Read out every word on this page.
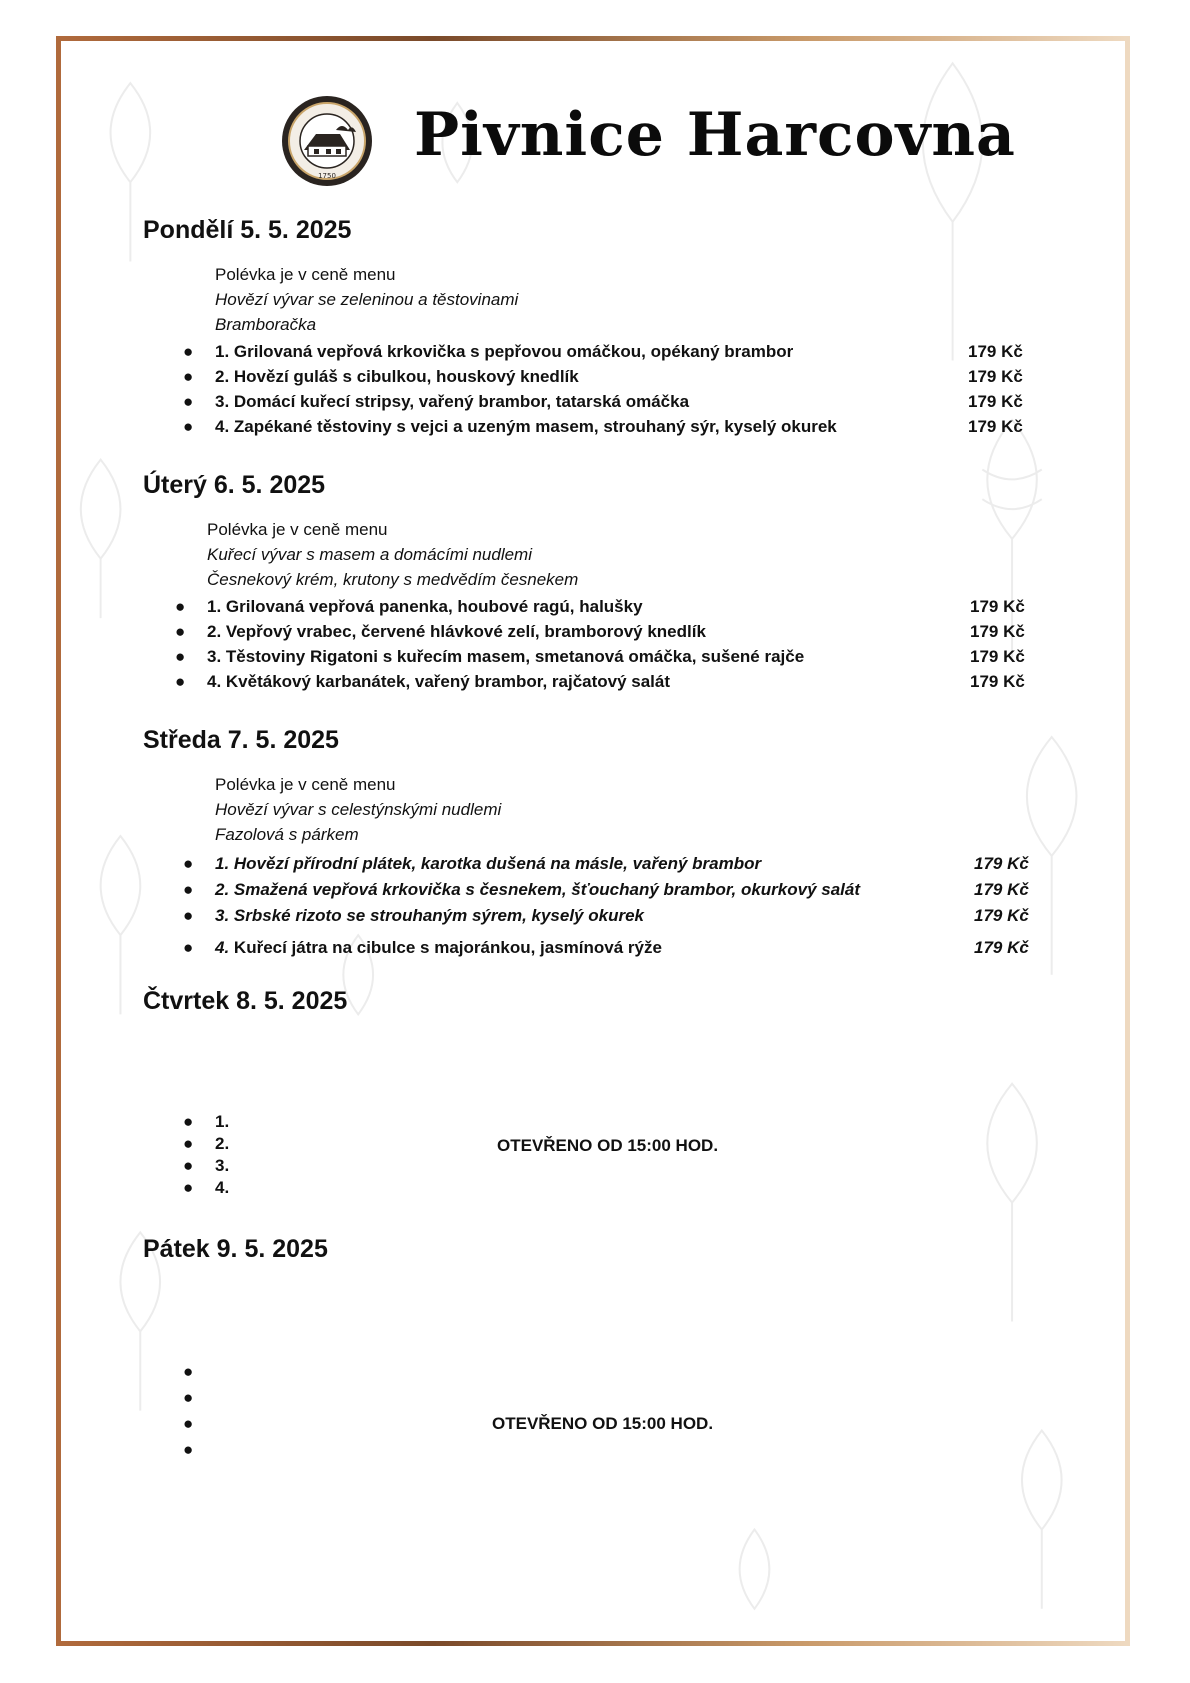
1750
Pivnice Harcovna
Pondělí 5. 5. 2025
Polévka je v ceně menu
Hovězí vývar se zeleninou a těstovinami
Bramboračka
● 1. Grilovaná vepřová krkovička s pepřovou omáčkou, opékaný brambor	179 Kč
● 2. Hovězí guláš s cibulkou, houskový knedlík	179 Kč
● 3. Domácí kuřecí stripsy, vařený brambor, tatarská omáčka	179 Kč
● 4. Zapékané těstoviny s vejci a uzeným masem, strouhaný sýr, kyselý okurek	179 Kč
Úterý 6. 5. 2025
Polévka je v ceně menu
Kuřecí vývar s masem a domácími nudlemi
Česnekový krém, krutony s medvědím česnekem
● 1. Grilovaná vepřová panenka, houbové ragú, halušky	179 Kč
● 2. Vepřový vrabec, červené hlávkové zelí, bramborový knedlík	179 Kč
● 3. Těstoviny Rigatoni s kuřecím masem, smetanová omáčka, sušené rajče	179 Kč
● 4. Květákový karbanátek, vařený brambor, rajčatový salát	179 Kč
Středa 7. 5. 2025
Polévka je v ceně menu
Hovězí vývar s celestýnskými nudlemi
Fazolová s párkem
● 1. Hovězí přírodní plátek, karotka dušená na másle, vařený brambor	179 Kč
● 2. Smažená vepřová krkovička s česnekem, šťouchaný brambor, okurkový salát	179 Kč
● 3. Srbské rizoto se strouhaným sýrem, kyselý okurek	179 Kč
● 4. Kuřecí játra na cibulce s majoránkou, jasmínová rýže	179 Kč
Čtvrtek 8. 5. 2025
● 1.
● 2.
● 3.
● 4.
OTEVŘENO OD 15:00 HOD.
Pátek 9. 5. 2025
●
●
●
●
OTEVŘENO OD 15:00 HOD.
